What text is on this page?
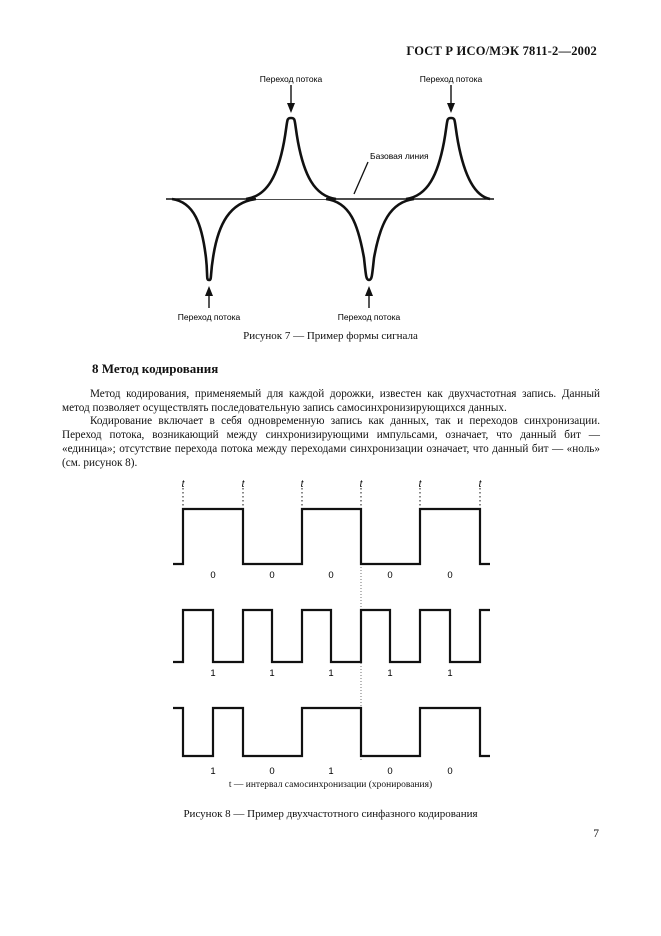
ГОСТ Р ИСО/МЭК 7811-2—2002
Переход потока	Переход потока
Базовая линия
Переход потока	Переход потока
Рисунок 7 — Пример формы сигнала
8 Метод кодирования
Метод кодирования, применяемый для каждой дорожки, известен как двухчастотная запись. Данный метод позволяет осуществлять последовательную запись самосинхронизирующихся данных.
Кодирование включает в себя одновременную запись как данных, так и переходов синхронизации. Переход потока, возникающий между синхронизирующими импульсами, означает, что данный бит — «единица»; отсутствие перехода потока между переходами синхронизации означает, что данный бит — «ноль» (см. рисунок 8).
t	t	t	t	t	t
0	0	0	0	0
1	1	1	1	1
1	0	1	0	0
t — интервал самосинхронизации (хронирования)
Рисунок 8 — Пример двухчастотного синфазного кодирования
7
